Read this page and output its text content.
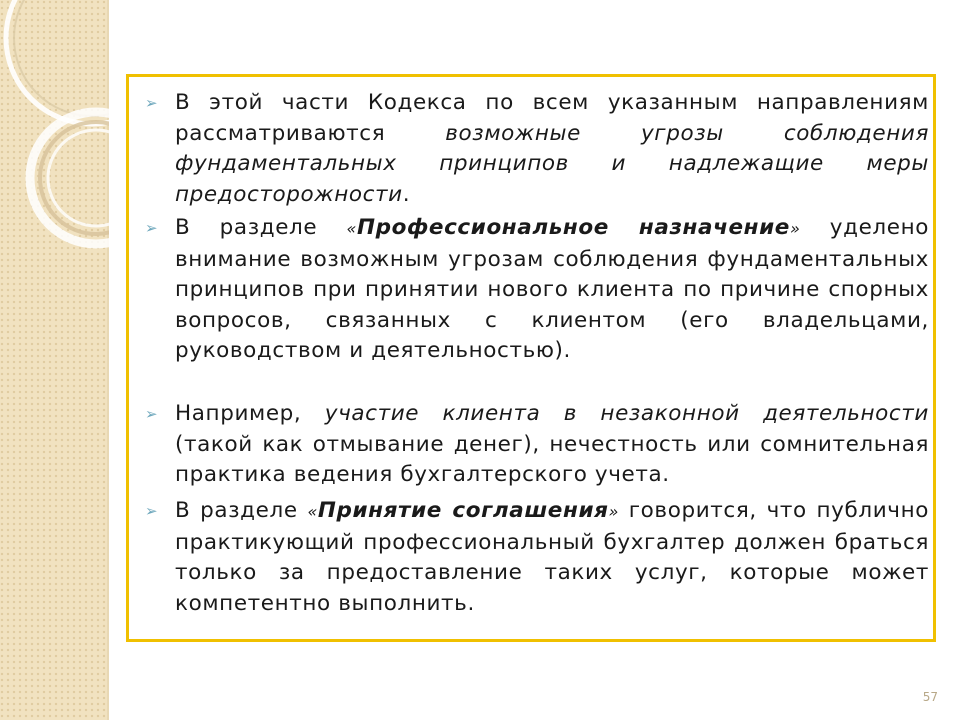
➢ В этой части Кодекса по всем указанным направлениям рассматриваются возможные угрозы соблюдения фундаментальных принципов и надлежащие меры предосторожности.
➢ В разделе «Профессиональное назначение» уделено внимание возможным угрозам соблюдения фундаментальных принципов при принятии нового клиента по причине спорных вопросов, связанных с клиентом (его владельцами, руководством и деятельностью).
➢ Например, участие клиента в незаконной деятельности (такой как отмывание денег), нечестность или сомнительная практика ведения бухгалтерского учета.
➢ В разделе «Принятие соглашения» говорится, что публично практикующий профессиональный бухгалтер должен браться только за предоставление таких услуг, которые может компетентно выполнить.
57
